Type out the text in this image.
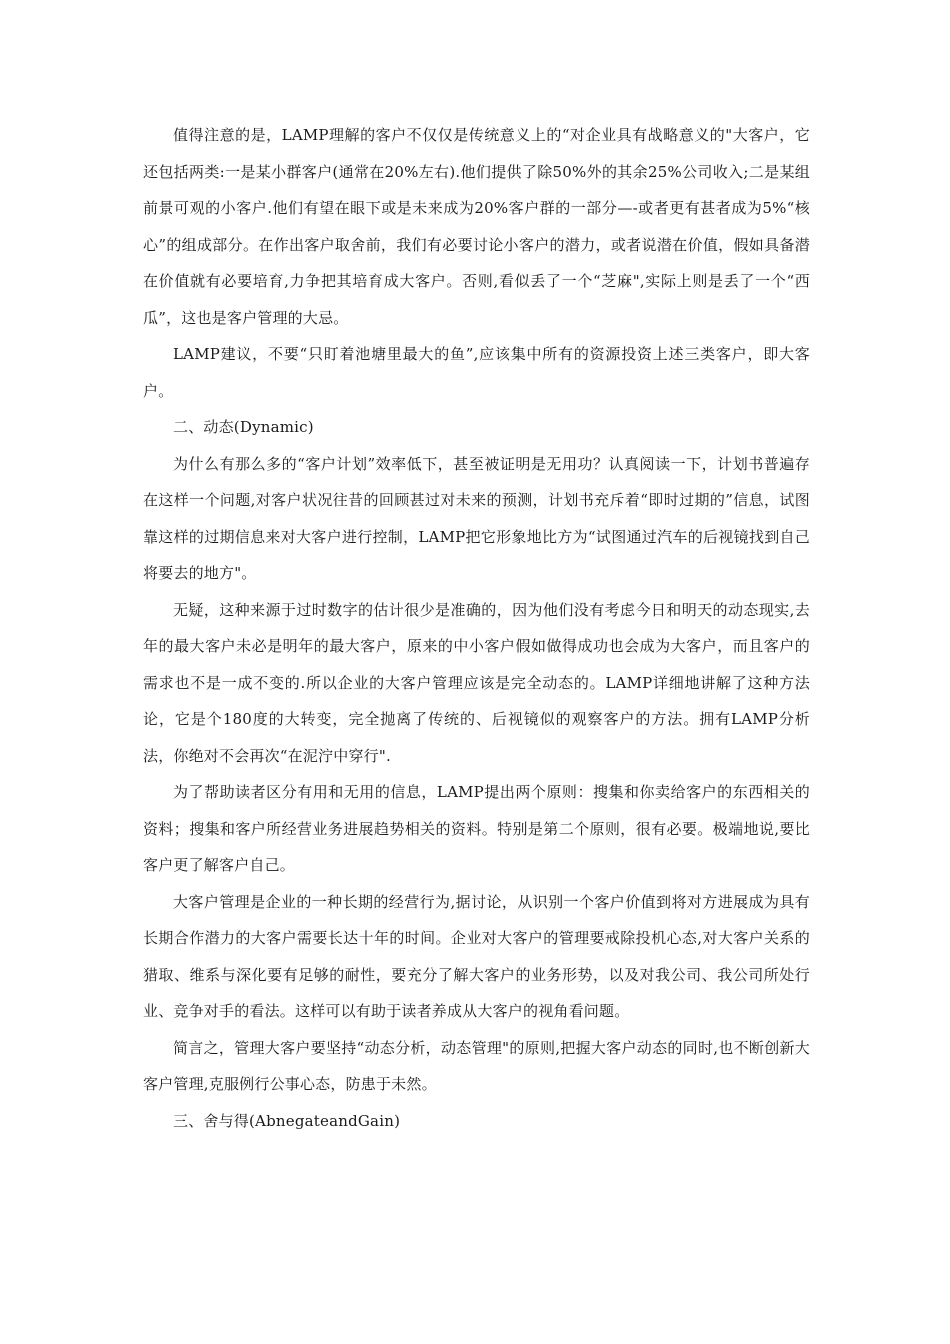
值得注意的是，LAMP理解的客户不仅仅是传统意义上的“对企业具有战略意义的"大客户，它还包括两类:一是某小群客户(通常在20%左右).他们提供了除50%外的其余25%公司收入;二是某组前景可观的小客户.他们有望在眼下或是未来成为20%客户群的一部分—-或者更有甚者成为5%“核心”的组成部分。在作出客户取舍前，我们有必要讨论小客户的潜力，或者说潜在价值，假如具备潜在价值就有必要培育,力争把其培育成大客户。否则,看似丢了一个“芝麻",实际上则是丢了一个“西瓜”，这也是客户管理的大忌。

LAMP建议，不要“只盯着池塘里最大的鱼”,应该集中所有的资源投资上述三类客户，即大客户。

二、动态(Dynamic)

为什么有那么多的“客户计划”效率低下，甚至被证明是无用功？认真阅读一下，计划书普遍存在这样一个问题,对客户状况往昔的回顾甚过对未来的预测，计划书充斥着“即时过期的”信息，试图靠这样的过期信息来对大客户进行控制，LAMP把它形象地比方为“试图通过汽车的后视镜找到自己将要去的地方"。

无疑，这种来源于过时数字的估计很少是准确的，因为他们没有考虑今日和明天的动态现实,去年的最大客户未必是明年的最大客户，原来的中小客户假如做得成功也会成为大客户，而且客户的需求也不是一成不变的.所以企业的大客户管理应该是完全动态的。LAMP详细地讲解了这种方法论，它是个180度的大转变，完全抛离了传统的、后视镜似的观察客户的方法。拥有LAMP分析法，你绝对不会再次“在泥泞中穿行".

为了帮助读者区分有用和无用的信息，LAMP提出两个原则：搜集和你卖给客户的东西相关的资料；搜集和客户所经营业务进展趋势相关的资料。特别是第二个原则，很有必要。极端地说,要比客户更了解客户自己。

大客户管理是企业的一种长期的经营行为,据讨论，从识别一个客户价值到将对方进展成为具有长期合作潜力的大客户需要长达十年的时间。企业对大客户的管理要戒除投机心态,对大客户关系的猎取、维系与深化要有足够的耐性，要充分了解大客户的业务形势，以及对我公司、我公司所处行业、竞争对手的看法。这样可以有助于读者养成从大客户的视角看问题。

简言之，管理大客户要坚持“动态分析，动态管理"的原则,把握大客户动态的同时,也不断创新大客户管理,克服例行公事心态，防患于未然。

三、舍与得(AbnegateandGain)
